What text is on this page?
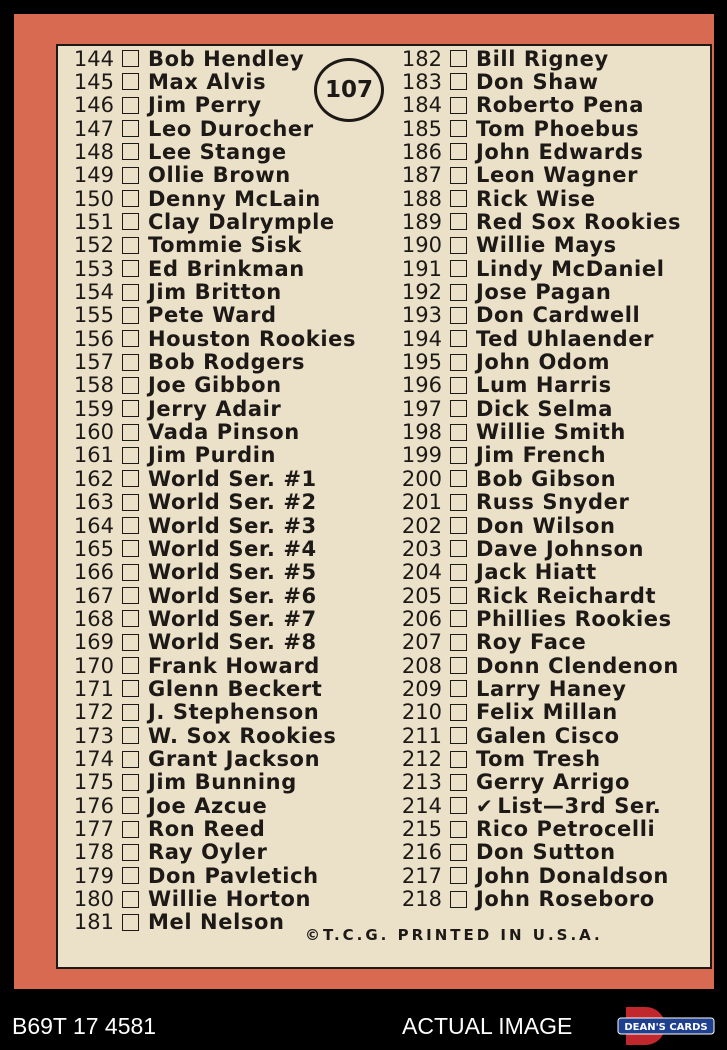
107
144 Bob Hendley
145 Max Alvis
146 Jim Perry
147 Leo Durocher
148 Lee Stange
149 Ollie Brown
150 Denny McLain
151 Clay Dalrymple
152 Tommie Sisk
153 Ed Brinkman
154 Jim Britton
155 Pete Ward
156 Houston Rookies
157 Bob Rodgers
158 Joe Gibbon
159 Jerry Adair
160 Vada Pinson
161 Jim Purdin
162 World Ser. #1
163 World Ser. #2
164 World Ser. #3
165 World Ser. #4
166 World Ser. #5
167 World Ser. #6
168 World Ser. #7
169 World Ser. #8
170 Frank Howard
171 Glenn Beckert
172 J. Stephenson
173 W. Sox Rookies
174 Grant Jackson
175 Jim Bunning
176 Joe Azcue
177 Ron Reed
178 Ray Oyler
179 Don Pavletich
180 Willie Horton
181 Mel Nelson
182 Bill Rigney
183 Don Shaw
184 Roberto Pena
185 Tom Phoebus
186 John Edwards
187 Leon Wagner
188 Rick Wise
189 Red Sox Rookies
190 Willie Mays
191 Lindy McDaniel
192 Jose Pagan
193 Don Cardwell
194 Ted Uhlaender
195 John Odom
196 Lum Harris
197 Dick Selma
198 Willie Smith
199 Jim French
200 Bob Gibson
201 Russ Snyder
202 Don Wilson
203 Dave Johnson
204 Jack Hiatt
205 Rick Reichardt
206 Phillies Rookies
207 Roy Face
208 Donn Clendenon
209 Larry Haney
210 Felix Millan
211 Galen Cisco
212 Tom Tresh
213 Gerry Arrigo
214 ✔ List—3rd Ser.
215 Rico Petrocelli
216 Don Sutton
217 John Donaldson
218 John Roseboro
©T.C.G. PRINTED IN U.S.A.
B69T 17 4581	ACTUAL IMAGE	DEAN'S CARDS
